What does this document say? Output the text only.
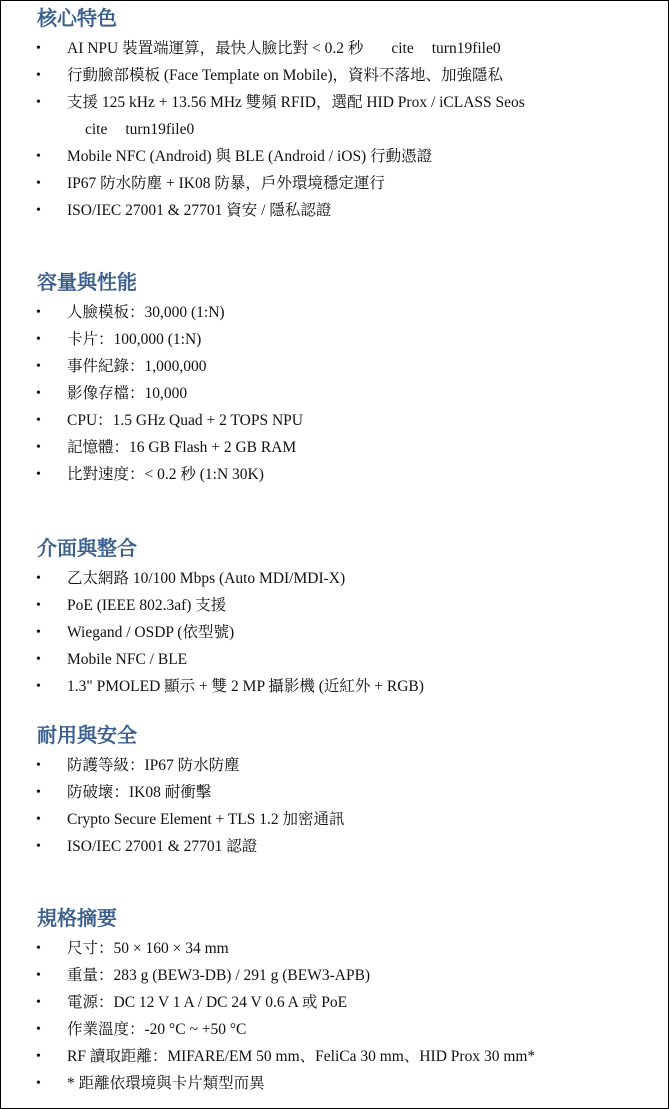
核心特色
• AI NPU 裝置端運算，最快人臉比對 < 0.2 秒 cite turn19file0
• 行動臉部模板 (Face Template on Mobile)，資料不落地、加強隱私
• 支援 125 kHz + 13.56 MHz 雙頻 RFID，選配 HID Prox / iCLASS Seos
cite turn19file0
• Mobile NFC (Android) 與 BLE (Android / iOS) 行動憑證
• IP67 防水防塵 + IK08 防暴，戶外環境穩定運行
• ISO/IEC 27001 & 27701 資安 / 隱私認證
容量與性能
• 人臉模板：30,000 (1:N)
• 卡片：100,000 (1:N)
• 事件紀錄：1,000,000
• 影像存檔：10,000
• CPU：1.5 GHz Quad + 2 TOPS NPU
• 記憶體：16 GB Flash + 2 GB RAM
• 比對速度：< 0.2 秒 (1:N 30K)
介面與整合
• 乙太網路 10/100 Mbps (Auto MDI/MDI-X)
• PoE (IEEE 802.3af) 支援
• Wiegand / OSDP (依型號)
• Mobile NFC / BLE
• 1.3" PMOLED 顯示 + 雙 2 MP 攝影機 (近紅外 + RGB)
耐用與安全
• 防護等級：IP67 防水防塵
• 防破壞：IK08 耐衝擊
• Crypto Secure Element + TLS 1.2 加密通訊
• ISO/IEC 27001 & 27701 認證
規格摘要
• 尺寸：50 × 160 × 34 mm
• 重量：283 g (BEW3-DB) / 291 g (BEW3-APB)
• 電源：DC 12 V 1 A / DC 24 V 0.6 A 或 PoE
• 作業溫度：-20 °C ~ +50 °C
• RF 讀取距離：MIFARE/EM 50 mm、FeliCa 30 mm、HID Prox 30 mm*
• * 距離依環境與卡片類型而異
